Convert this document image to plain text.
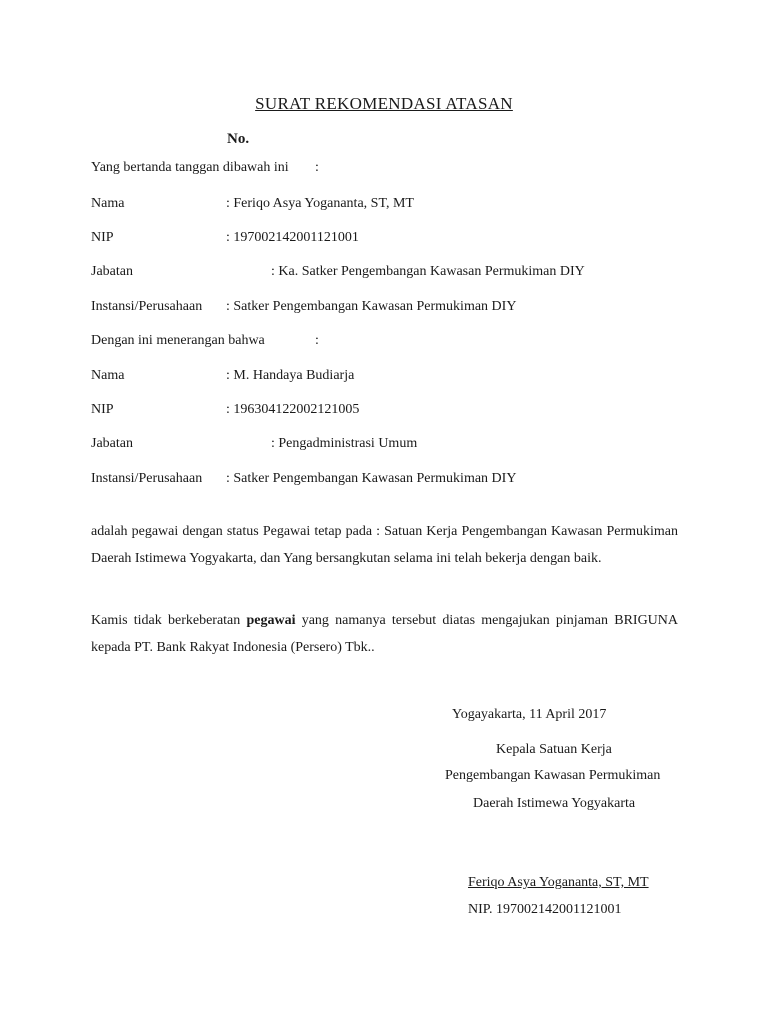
SURAT REKOMENDASI ATASAN
No.
Yang bertanda tanggan dibawah ini :
Nama	: Feriqo Asya Yogananta, ST, MT
NIP	: 197002142001121001
Jabatan	: Ka. Satker Pengembangan Kawasan Permukiman DIY
Instansi/Perusahaan : Satker Pengembangan Kawasan Permukiman DIY
Dengan ini menerangan bahwa	:
Nama	: M. Handaya Budiarja
NIP	: 196304122002121005
Jabatan	: Pengadministrasi Umum
Instansi/Perusahaan : Satker Pengembangan Kawasan Permukiman DIY
adalah pegawai dengan status Pegawai tetap pada : Satuan Kerja Pengembangan Kawasan Permukiman Daerah Istimewa Yogyakarta, dan Yang bersangkutan selama ini telah bekerja dengan baik.
Kamis tidak berkeberatan pegawai yang namanya tersebut diatas mengajukan pinjaman BRIGUNA kepada PT. Bank Rakyat Indonesia (Persero) Tbk..
Yogayakarta, 11 April 2017
Kepala Satuan Kerja
Pengembangan Kawasan Permukiman
Daerah Istimewa Yogyakarta
Feriqo Asya Yogananta, ST, MT
NIP. 197002142001121001
